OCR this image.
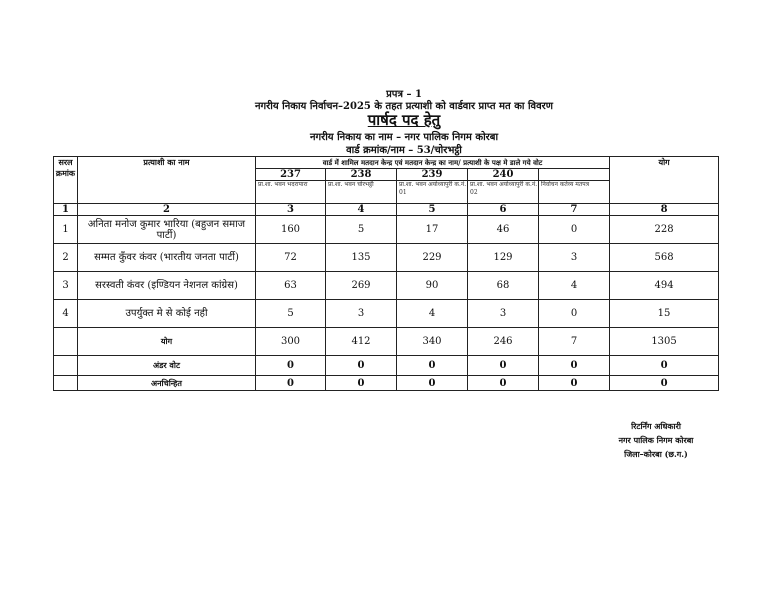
प्रपत्र – 1
नगरीय निकाय निर्वाचन–2025 के तहत प्रत्याशी को वार्डवार प्राप्त मत का विवरण
पार्षद पद हेतु
नगरीय निकाय का नाम – नगर पालिक निगम कोरबा
वार्ड क्रमांक/नाम – 53/चोरभट्ठी
सरल क्रमांक	प्रत्याशी का नाम	वार्ड में शामिल मतदान केन्द्र एवं मतदान केन्द्र का नाम/ प्रत्याशी के पक्ष मे डाले गये वोट					योग
		237	238	239	240		
		प्रा.शा. भवन भदरापारा	प्रा.शा. भवन चोरभट्ठी	प्रा.शा. भवन अयोध्यापुरी क.नं. 01	प्रा.शा. भवन अयोध्यापुरी क.नं. 02	निर्वाचन कर्तव्य मतपत्र	
1	2	3	4	5	6	7	8
1	अनिता मनोज कुमार भारिया (बहुजन समाज पार्टी)	160	5	17	46	0	228
2	सम्मत कुँवर कंवर (भारतीय जनता पार्टी)	72	135	229	129	3	568
3	सरस्वती कंवर (इण्डियन नेशनल कांग्रेस)	63	269	90	68	4	494
4	उपर्युक्त मे से कोई नही	5	3	4	3	0	15
	योग	300	412	340	246	7	1305
	अंडर वोट	0	0	0	0	0	0
	अनचिन्हित	0	0	0	0	0	0
रिटर्निंग अधिकारी
नगर पालिक निगम कोरबा
जिला–कोरबा (छ.ग.)
